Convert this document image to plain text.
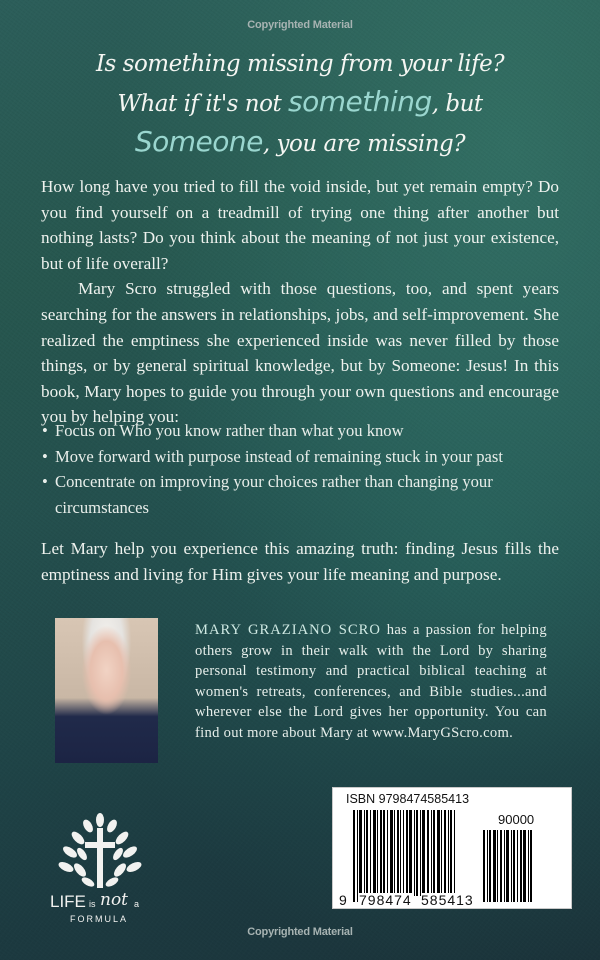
Copyrighted Material
Is something missing from your life?
What if it's not something, but
Someone, you are missing?

How long have you tried to fill the void inside, but yet remain empty? Do you find yourself on a treadmill of trying one thing after another but nothing lasts? Do you think about the meaning of not just your existence, but of life overall?

Mary Scro struggled with those questions, too, and spent years searching for the answers in relationships, jobs, and self-improvement. She realized the emptiness she experienced inside was never filled by those things, or by general spiritual knowledge, but by Someone: Jesus! In this book, Mary hopes to guide you through your own questions and encourage you by helping you:

• Focus on Who you know rather than what you know
• Move forward with purpose instead of remaining stuck in your past
• Concentrate on improving your choices rather than changing your circumstances

Let Mary help you experience this amazing truth: finding Jesus fills the emptiness and living for Him gives your life meaning and purpose.

MARY GRAZIANO SCRO has a passion for helping others grow in their walk with the Lord by sharing personal testimony and practical biblical teaching at women's retreats, conferences, and Bible studies...and wherever else the Lord gives her opportunity. You can find out more about Mary at www.MaryGScro.com.
LIFE is not a
FORMULA
ISBN 9798474585413
90000
9 798474 585413
Copyrighted Material
